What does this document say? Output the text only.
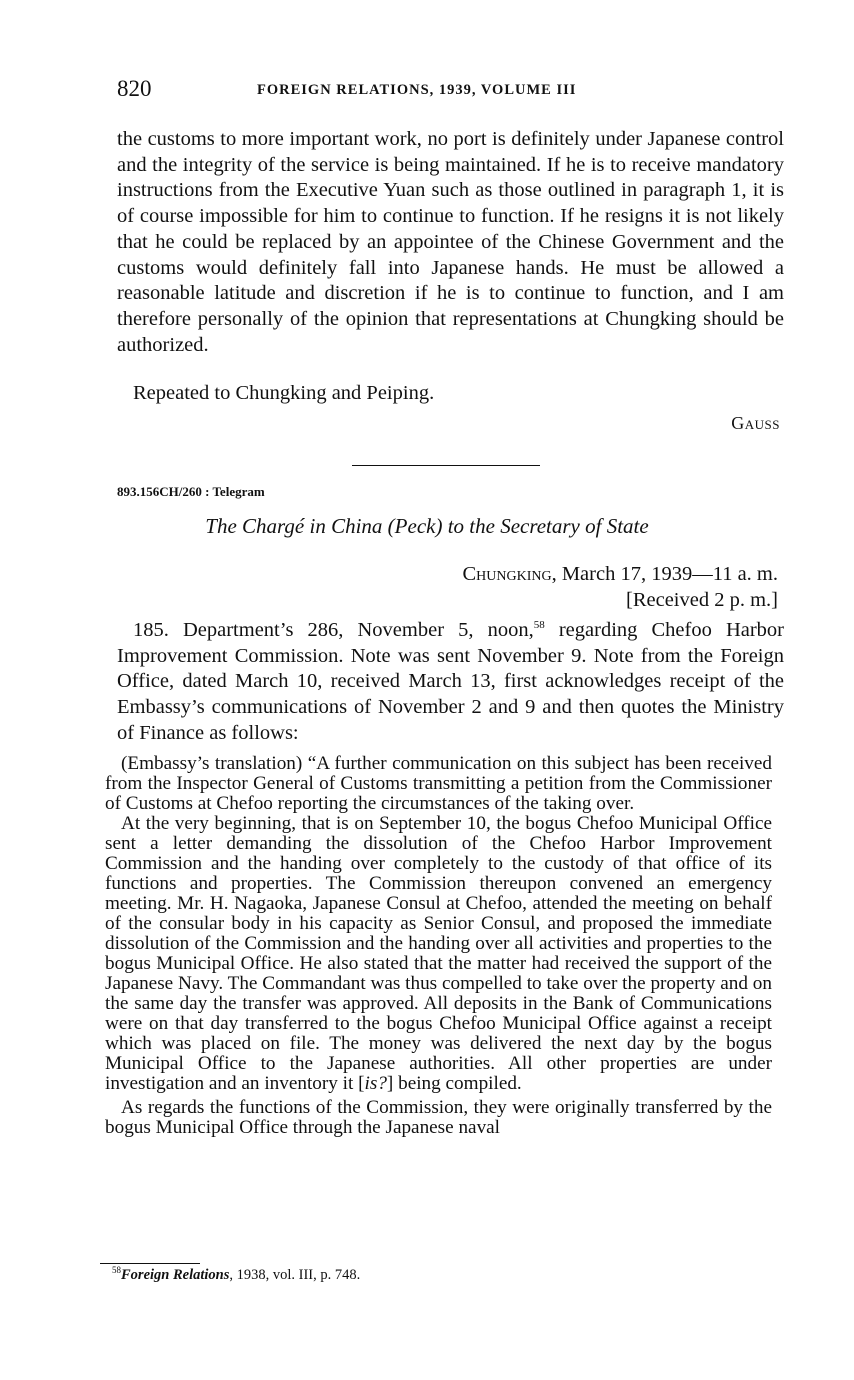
820	FOREIGN RELATIONS, 1939, VOLUME III

the customs to more important work, no port is definitely under Japanese control and the integrity of the service is being maintained. If he is to receive mandatory instructions from the Executive Yuan such as those outlined in paragraph 1, it is of course impossible for him to continue to function. If he resigns it is not likely that he could be replaced by an appointee of the Chinese Government and the customs would definitely fall into Japanese hands. He must be allowed a reasonable latitude and discretion if he is to continue to function, and I am therefore personally of the opinion that representations at Chungking should be authorized.

Repeated to Chungking and Peiping.
Gauss
893.156CH/260 : Telegram
The Chargé in China (Peck) to the Secretary of State
Chungking, March 17, 1939—11 a. m.
[Received 2 p. m.]

185. Department’s 286, November 5, noon,$^{58}$ regarding Chefoo Harbor Improvement Commission. Note was sent November 9. Note from the Foreign Office, dated March 10, received March 13, first acknowledges receipt of the Embassy’s communications of November 2 and 9 and then quotes the Ministry of Finance as follows:

(Embassy’s translation) “A further communication on this subject has been received from the Inspector General of Customs transmitting a petition from the Commissioner of Customs at Chefoo reporting the circumstances of the taking over.

At the very beginning, that is on September 10, the bogus Chefoo Municipal Office sent a letter demanding the dissolution of the Chefoo Harbor Improvement Commission and the handing over completely to the custody of that office of its functions and properties. The Commission thereupon convened an emergency meeting. Mr. H. Nagaoka, Japanese Consul at Chefoo, attended the meeting on behalf of the consular body in his capacity as Senior Consul, and proposed the immediate dissolution of the Commission and the handing over all activities and properties to the bogus Municipal Office. He also stated that the matter had received the support of the Japanese Navy. The Commandant was thus compelled to take over the property and on the same day the transfer was approved. All deposits in the Bank of Communications were on that day transferred to the bogus Chefoo Municipal Office against a receipt which was placed on file. The money was delivered the next day by the bogus Municipal Office to the Japanese authorities. All other properties are under investigation and an inventory it [is?] being compiled.

As regards the functions of the Commission, they were originally transferred by the bogus Municipal Office through the Japanese naval

$^{58}$Foreign Relations, 1938, vol. III, p. 748.
